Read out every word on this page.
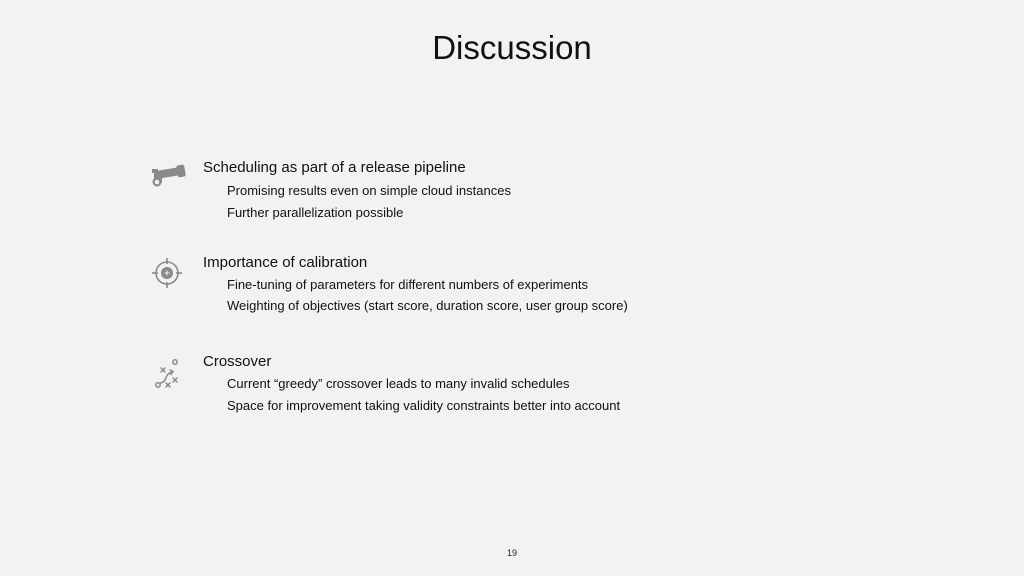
Discussion
Scheduling as part of a release pipeline
Promising results even on simple cloud instances
Further parallelization possible
Importance of calibration
Fine-tuning of parameters for different numbers of experiments
Weighting of objectives (start score, duration score, user group score)
Crossover
Current “greedy” crossover leads to many invalid schedules
Space for improvement taking validity constraints better into account
19
